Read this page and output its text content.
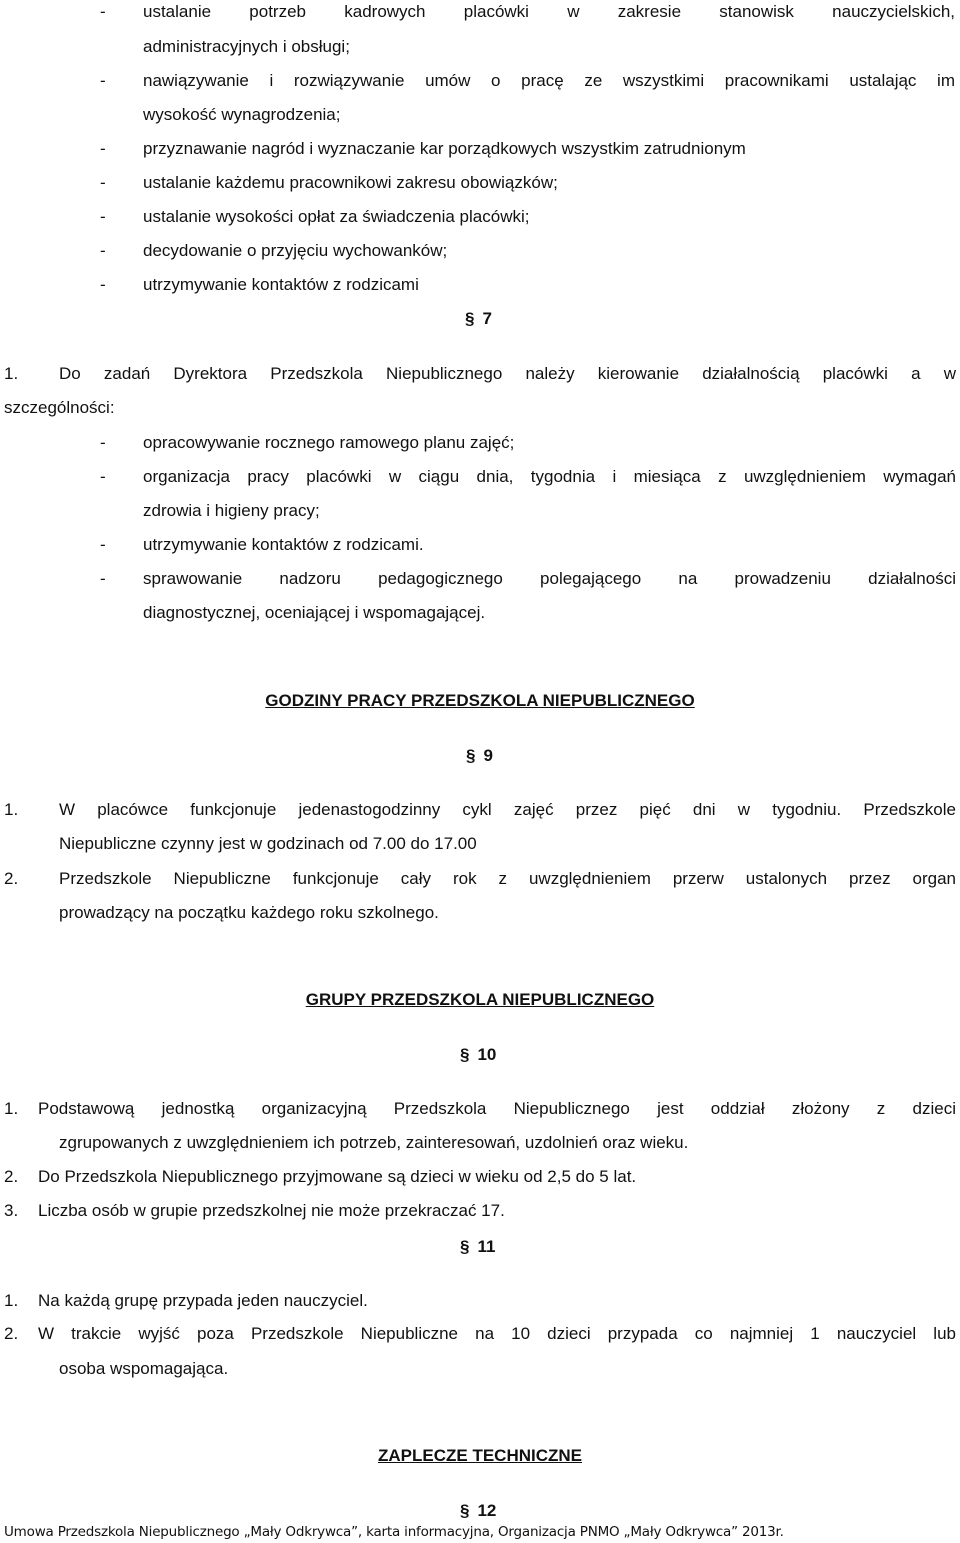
- ustalanie potrzeb kadrowych placówki w zakresie stanowisk nauczycielskich,
administracyjnych i obsługi;
- nawiązywanie i rozwiązywanie umów o pracę ze wszystkimi pracownikami ustalając im
wysokość wynagrodzenia;
- przyznawanie nagród i wyznaczanie kar porządkowych wszystkim zatrudnionym
- ustalanie każdemu pracownikowi zakresu obowiązków;
- ustalanie wysokości opłat za świadczenia placówki;
- decydowanie o przyjęciu wychowanków;
- utrzymywanie kontaktów z rodzicami
§ 7
1. Do zadań Dyrektora Przedszkola Niepublicznego należy kierowanie działalnością placówki a w
szczególności:
- opracowywanie rocznego ramowego planu zajęć;
- organizacja pracy placówki w ciągu dnia, tygodnia i miesiąca z uwzględnieniem wymagań
zdrowia i higieny pracy;
- utrzymywanie kontaktów z rodzicami.
- sprawowanie nadzoru pedagogicznego polegającego na prowadzeniu działalności
diagnostycznej, oceniającej i wspomagającej.
GODZINY PRACY PRZEDSZKOLA NIEPUBLICZNEGO
§ 9
1. W placówce funkcjonuje jedenastogodzinny cykl zajęć przez pięć dni w tygodniu. Przedszkole
Niepubliczne czynny jest w godzinach od 7.00 do 17.00
2. Przedszkole Niepubliczne funkcjonuje cały rok z uwzględnieniem przerw ustalonych przez organ
prowadzący na początku każdego roku szkolnego.
GRUPY PRZEDSZKOLA NIEPUBLICZNEGO
§ 10
1. Podstawową jednostką organizacyjną Przedszkola Niepublicznego jest oddział złożony z dzieci
zgrupowanych z uwzględnieniem ich potrzeb, zainteresowań, uzdolnień oraz wieku.
2. Do Przedszkola Niepublicznego przyjmowane są dzieci w wieku od 2,5 do 5 lat.
3. Liczba osób w grupie przedszkolnej nie może przekraczać 17.
§ 11
1. Na każdą grupę przypada jeden nauczyciel.
2. W trakcie wyjść poza Przedszkole Niepubliczne na 10 dzieci przypada co najmniej 1 nauczyciel lub
osoba wspomagająca.
ZAPLECZE TECHNICZNE
§ 12
Umowa Przedszkola Niepublicznego „Mały Odkrywca”, karta informacyjna, Organizacja PNMO „Mały Odkrywca” 2013r.
